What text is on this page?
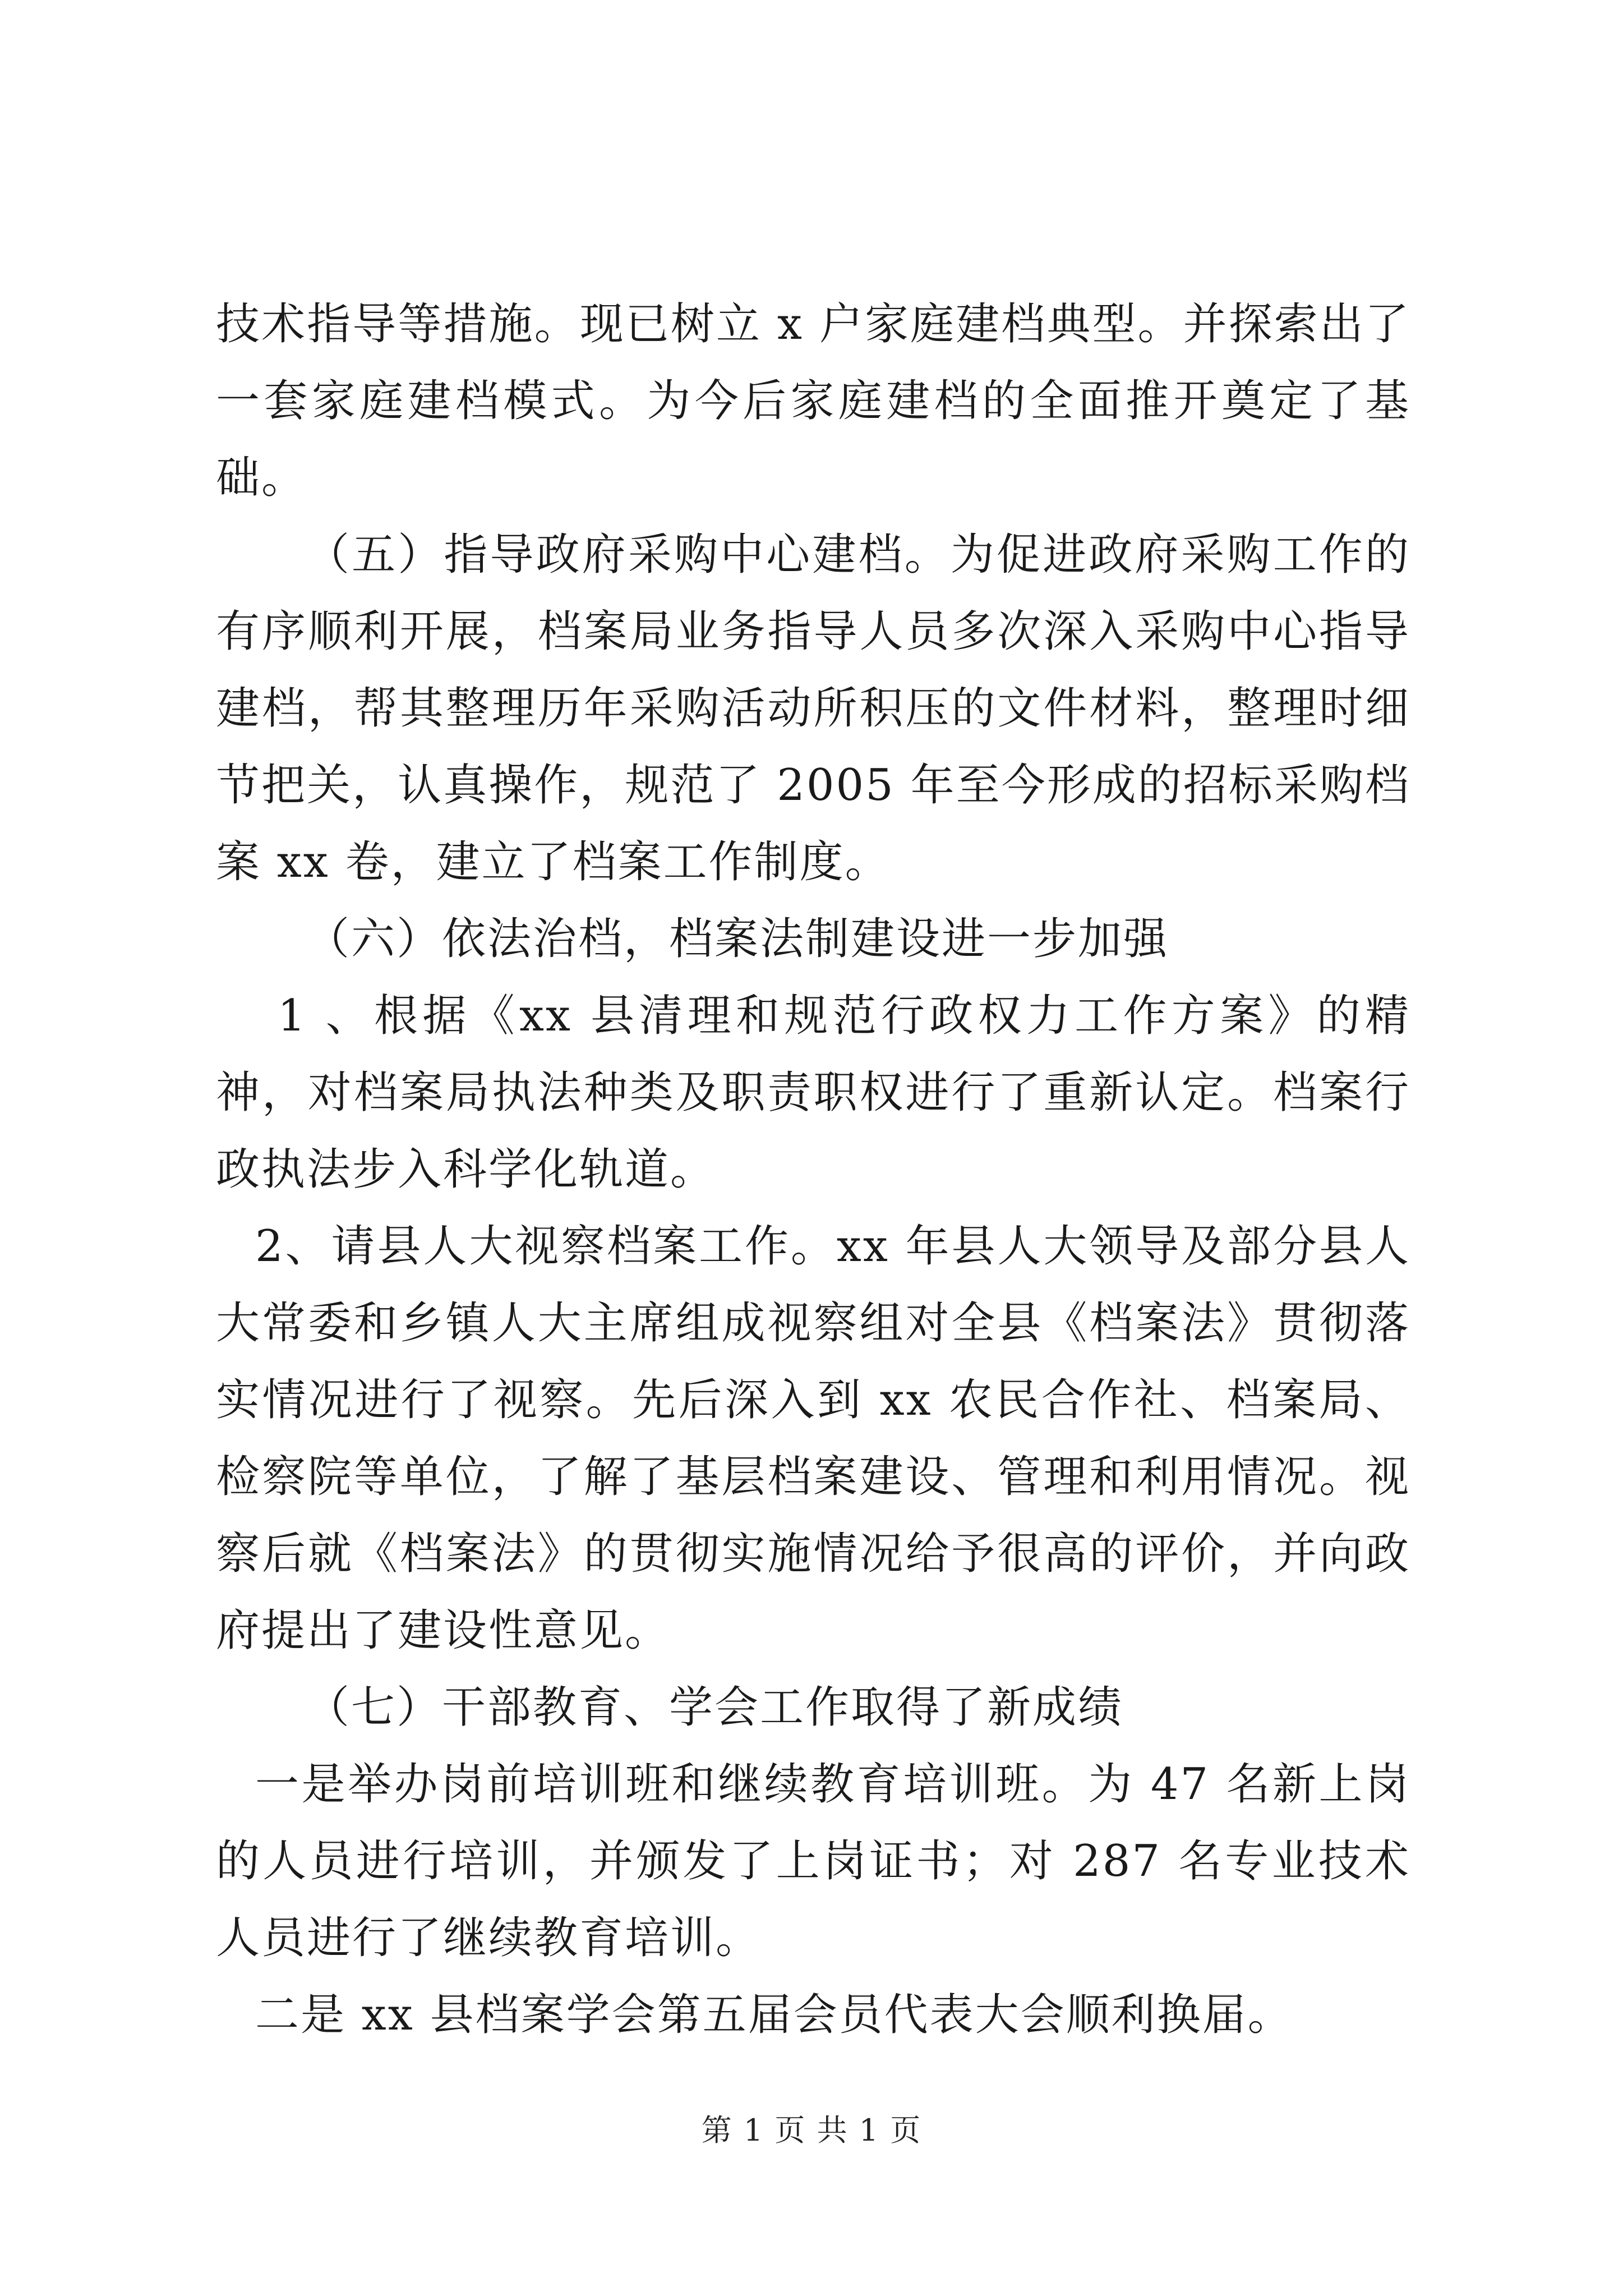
技术指导等措施。现已树立 x 户家庭建档典型。并探索出了一套家庭建档模式。为今后家庭建档的全面推开奠定了基础。

（五）指导政府采购中心建档。为促进政府采购工作的有序顺利开展，档案局业务指导人员多次深入采购中心指导建档，帮其整理历年采购活动所积压的文件材料，整理时细节把关，认真操作，规范了 2005 年至今形成的招标采购档案 xx 卷，建立了档案工作制度。

（六）依法治档，档案法制建设进一步加强

1 、根据《xx 县清理和规范行政权力工作方案》的精神，对档案局执法种类及职责职权进行了重新认定。档案行政执法步入科学化轨道。

2、请县人大视察档案工作。xx 年县人大领导及部分县人大常委和乡镇人大主席组成视察组对全县《档案法》贯彻落实情况进行了视察。先后深入到 xx 农民合作社、档案局、检察院等单位，了解了基层档案建设、管理和利用情况。视察后就《档案法》的贯彻实施情况给予很高的评价，并向政府提出了建设性意见。

（七）干部教育、学会工作取得了新成绩

一是举办岗前培训班和继续教育培训班。为 47 名新上岗的人员进行培训，并颁发了上岗证书；对 287 名专业技术人员进行了继续教育培训。

二是 xx 县档案学会第五届会员代表大会顺利换届。

第 1 页 共 1 页
